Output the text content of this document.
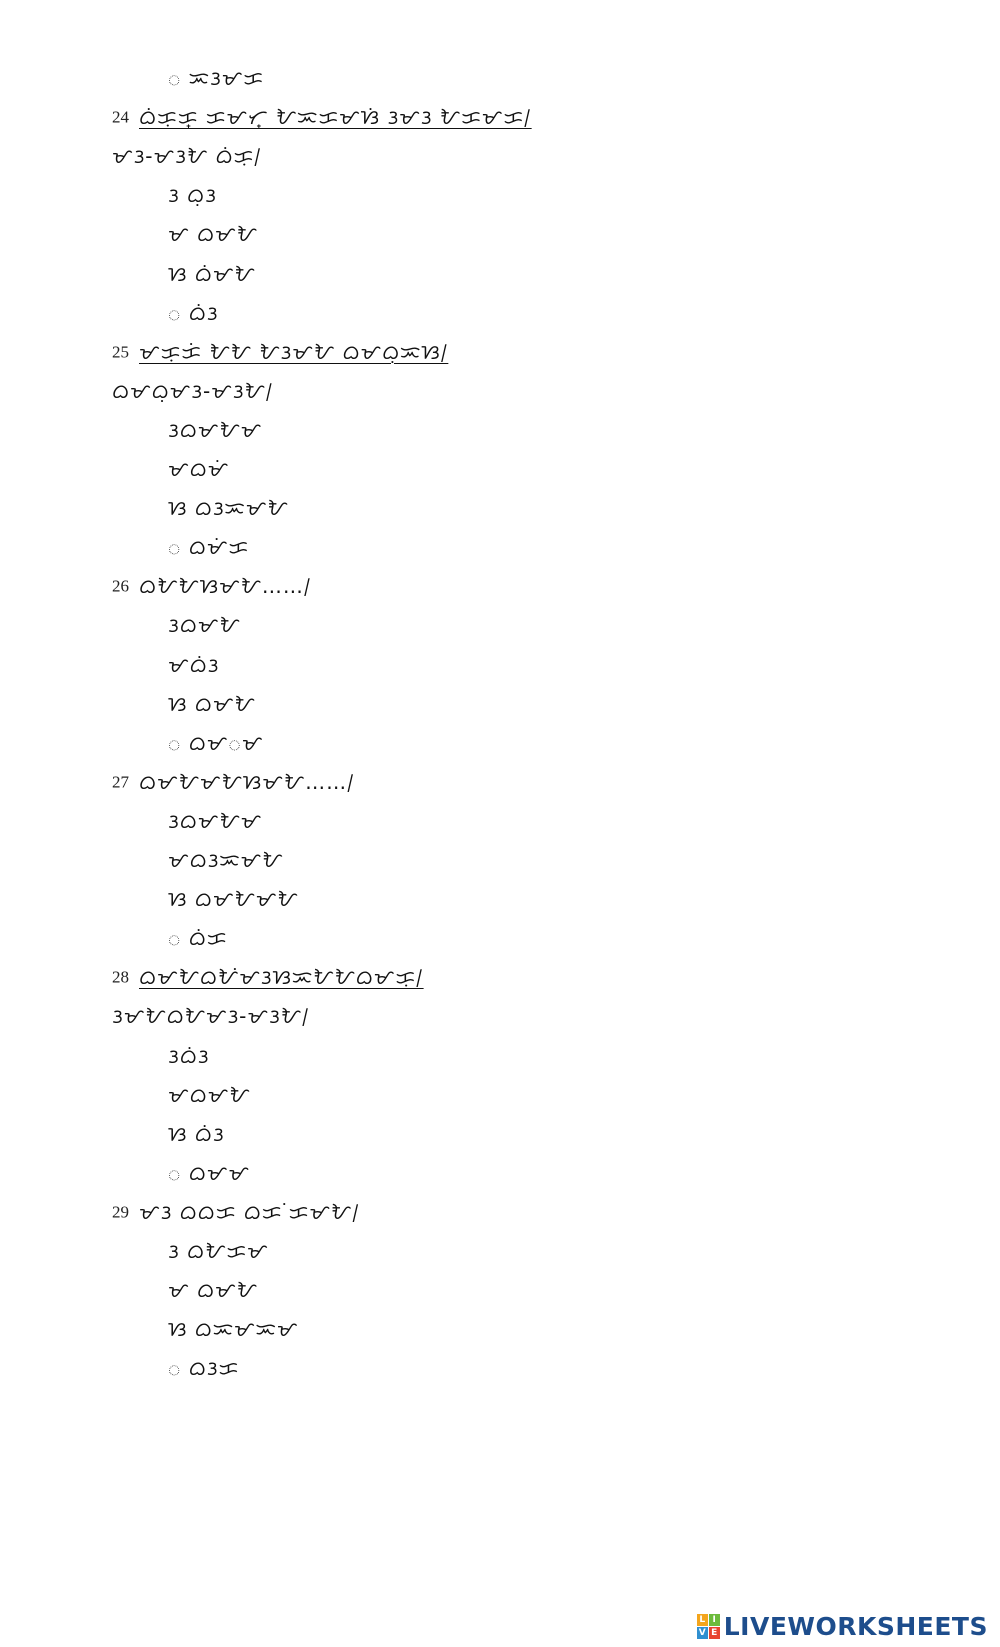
ᜀ ᜁᜂᜋᜃ
24 ᜊᜒᜃᜓᜃ᜔ ᜃᜋᜆ᜔ ᜀᜁᜃᜋᜐᜒ ᜂᜋᜂ ᜀᜃᜋᜃ᜵
ᜋᜂ-ᜋᜂᜀ ᜊᜒᜃᜓ᜵
ᜂ ᜊᜓᜂ
ᜋ ᜊᜋᜀ
ᜐ ᜊᜒᜋᜀ
ᜀ ᜊᜒᜂ
25 ᜋᜃᜓᜃᜒ ᜀᜀ ᜀᜂᜋᜀ ᜊᜋᜊᜓᜁᜐ᜵
ᜊᜋᜊᜓᜋᜂ-ᜋᜂᜀ᜵
ᜂᜊᜋᜀᜋ
ᜋᜊᜋᜒ
ᜐ ᜊᜂᜁᜋᜀ
ᜀ ᜊᜋᜒᜃ
26 ᜊᜀᜀᜐᜋᜀ……᜵
ᜂᜊᜋᜀ
ᜋᜊᜒᜂ
ᜐ ᜊᜋᜀ
ᜀ ᜊᜋᜀᜋ
27 ᜊᜋᜀᜋᜀᜐᜋᜀ……᜵
ᜂᜊᜋᜀᜋ
ᜋᜊᜂᜁᜋᜀ
ᜐ ᜊᜋᜀᜋᜀ
ᜀ ᜊᜒᜃ
28 ᜊᜋᜀᜊᜀᜒᜋᜂᜐᜁᜀᜀᜊᜋᜃᜓ᜵
ᜂᜋᜀᜊᜀᜋᜂ-ᜋᜂᜀ᜵
ᜂᜊᜒᜂ
ᜋᜊᜋᜀ
ᜐ ᜊᜒᜂ
ᜀ ᜊᜋᜋ
29 ᜋᜂ ᜊᜊᜃ ᜊᜃ ᜒᜃᜋᜀ᜵
ᜂ ᜊᜀᜃᜋ
ᜋ ᜊᜋᜀ
ᜐ ᜊᜁᜋᜁᜋ
ᜀ ᜊᜂᜃ
L I
V E LIVEWORKSHEETS
